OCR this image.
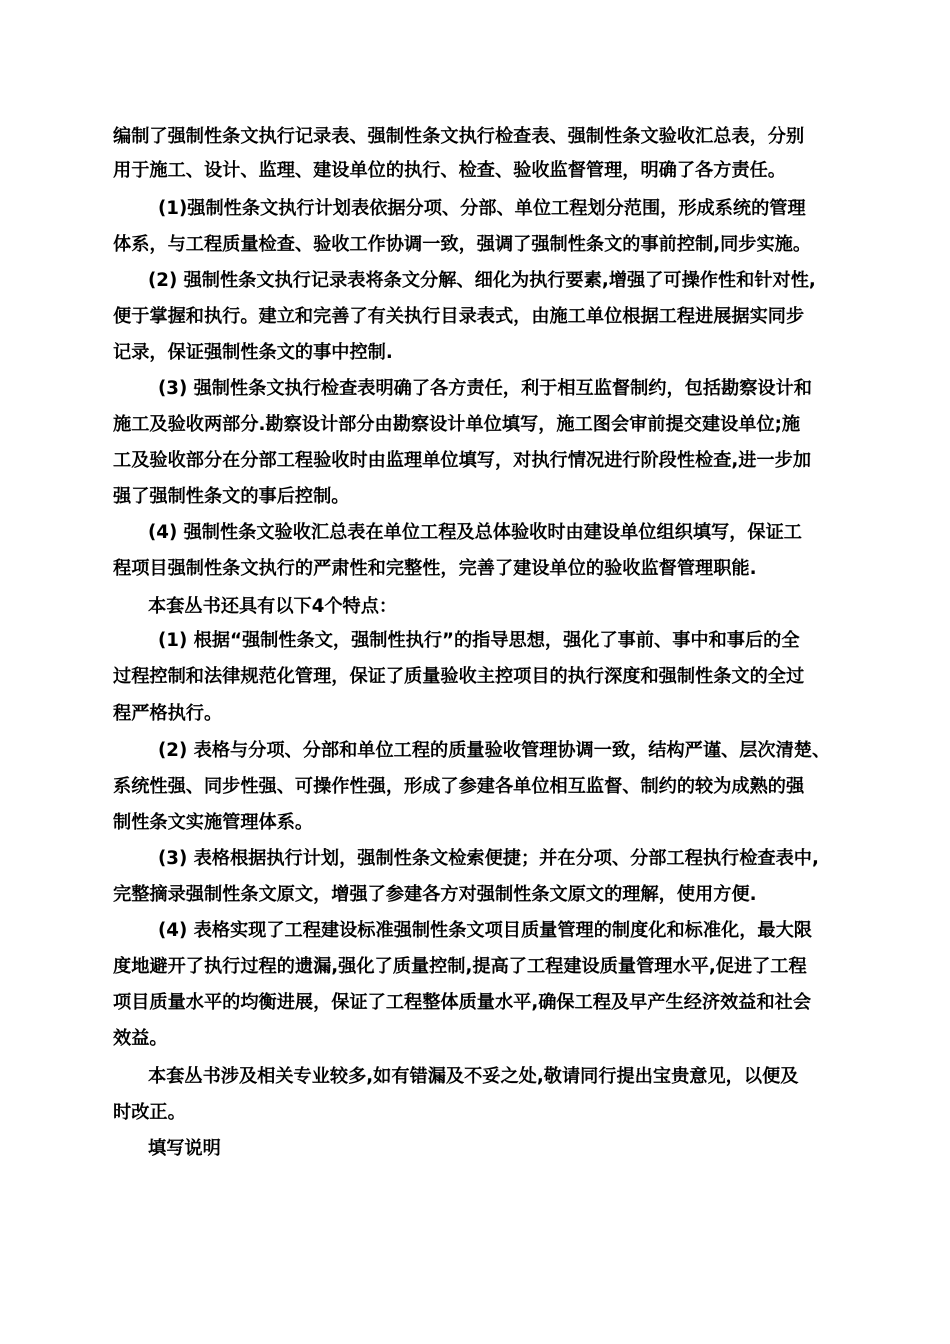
编制了强制性条文执行记录表、强制性条文执行检查表、强制性条文验收汇总表，分别
用于施工、设计、监理、建设单位的执行、检查、验收监督管理，明确了各方责任。
(1)强制性条文执行计划表依据分项、分部、单位工程划分范围，形成系统的管理
体系，与工程质量检查、验收工作协调一致，强调了强制性条文的事前控制,同步实施。
(2) 强制性条文执行记录表将条文分解、细化为执行要素,增强了可操作性和针对性,
便于掌握和执行。建立和完善了有关执行目录表式，由施工单位根据工程进展据实同步
记录，保证强制性条文的事中控制.
(3) 强制性条文执行检查表明确了各方责任，利于相互监督制约，包括勘察设计和
施工及验收两部分.勘察设计部分由勘察设计单位填写，施工图会审前提交建设单位;施
工及验收部分在分部工程验收时由监理单位填写，对执行情况进行阶段性检查,进一步加
强了强制性条文的事后控制。
(4) 强制性条文验收汇总表在单位工程及总体验收时由建设单位组织填写，保证工
程项目强制性条文执行的严肃性和完整性，完善了建设单位的验收监督管理职能.
本套丛书还具有以下4个特点：
(1) 根据“强制性条文，强制性执行”的指导思想，强化了事前、事中和事后的全
过程控制和法律规范化管理，保证了质量验收主控项目的执行深度和强制性条文的全过
程严格执行。
(2) 表格与分项、分部和单位工程的质量验收管理协调一致，结构严谨、层次清楚、
系统性强、同步性强、可操作性强，形成了参建各单位相互监督、制约的较为成熟的强
制性条文实施管理体系。
(3) 表格根据执行计划，强制性条文检索便捷；并在分项、分部工程执行检查表中,
完整摘录强制性条文原文，增强了参建各方对强制性条文原文的理解，使用方便.
(4) 表格实现了工程建设标准强制性条文项目质量管理的制度化和标准化，最大限
度地避开了执行过程的遗漏,强化了质量控制,提高了工程建设质量管理水平,促进了工程
项目质量水平的均衡进展，保证了工程整体质量水平,确保工程及早产生经济效益和社会
效益。
本套丛书涉及相关专业较多,如有错漏及不妥之处,敬请同行提出宝贵意见，以便及
时改正。
填写说明
